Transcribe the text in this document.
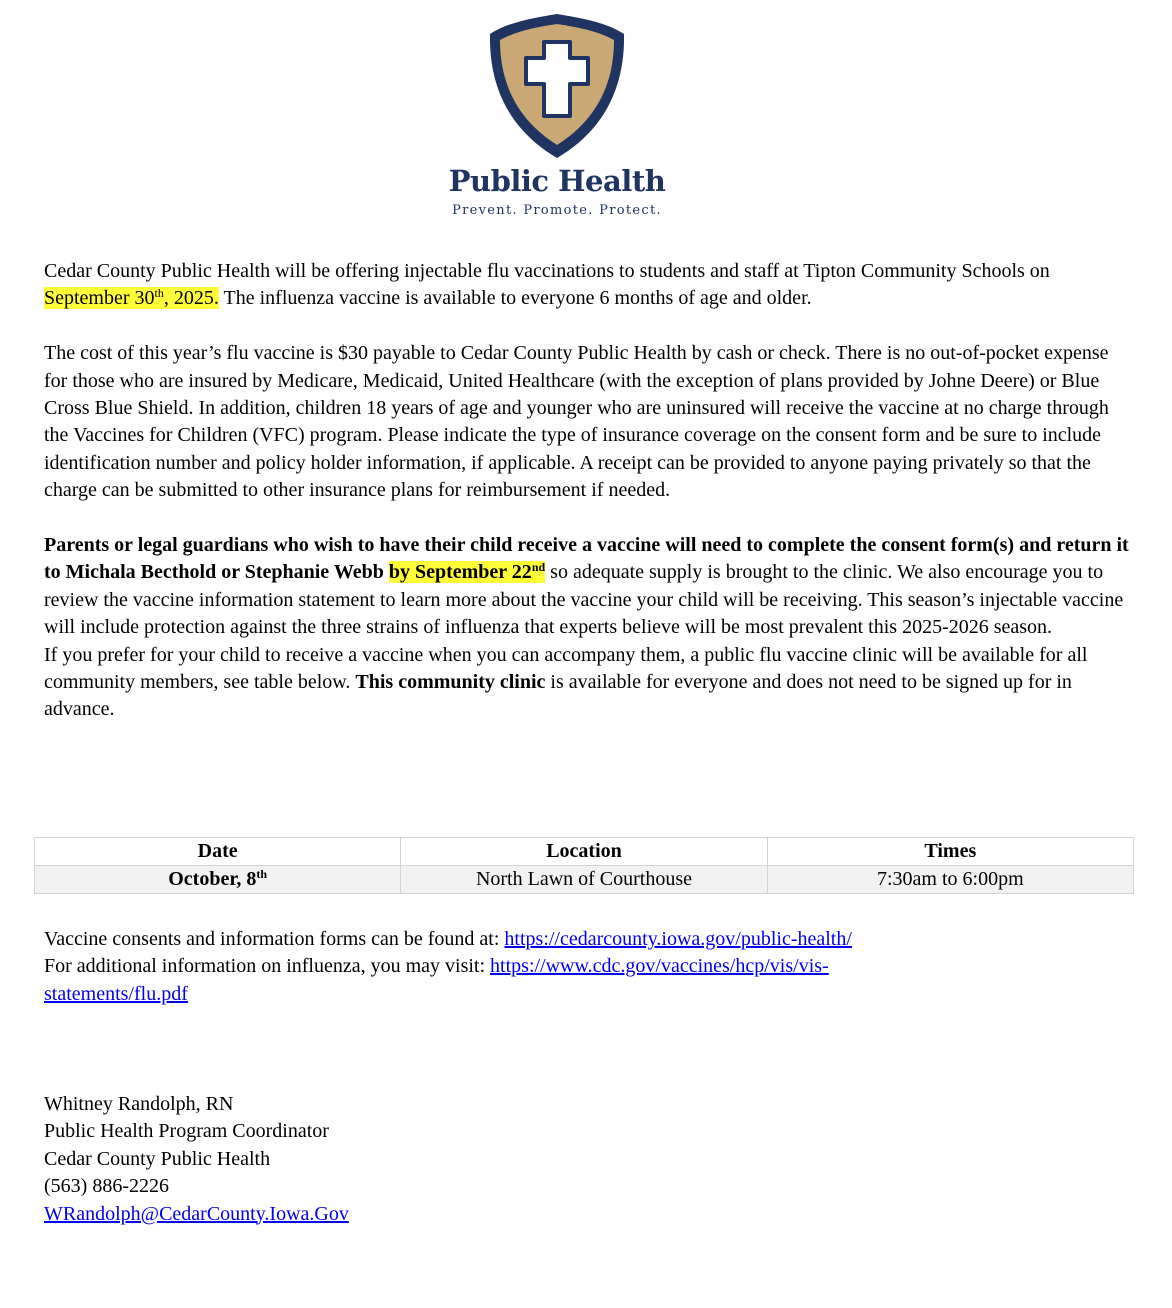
Public Health
Prevent. Promote. Protect.

Cedar County Public Health will be offering injectable flu vaccinations to students and staff at Tipton Community Schools on September 30th, 2025. The influenza vaccine is available to everyone 6 months of age and older.

The cost of this year’s flu vaccine is $30 payable to Cedar County Public Health by cash or check. There is no out-of-pocket expense for those who are insured by Medicare, Medicaid, United Healthcare (with the exception of plans provided by Johne Deere) or Blue Cross Blue Shield. In addition, children 18 years of age and younger who are uninsured will receive the vaccine at no charge through the Vaccines for Children (VFC) program. Please indicate the type of insurance coverage on the consent form and be sure to include identification number and policy holder information, if applicable. A receipt can be provided to anyone paying privately so that the charge can be submitted to other insurance plans for reimbursement if needed.

Parents or legal guardians who wish to have their child receive a vaccine will need to complete the consent form(s) and return it to Michala Becthold or Stephanie Webb by September 22nd so adequate supply is brought to the clinic. We also encourage you to review the vaccine information statement to learn more about the vaccine your child will be receiving. This season’s injectable vaccine will include protection against the three strains of influenza that experts believe will be most prevalent this 2025-2026 season.
If you prefer for your child to receive a vaccine when you can accompany them, a public flu vaccine clinic will be available for all community members, see table below. This community clinic is available for everyone and does not need to be signed up for in advance.

Date	Location	Times
October, 8th	North Lawn of Courthouse	7:30am to 6:00pm
Vaccine consents and information forms can be found at: https://cedarcounty.iowa.gov/public-health/
For additional information on influenza, you may visit: https://www.cdc.gov/vaccines/hcp/vis/vis-
statements/flu.pdf
Whitney Randolph, RN
Public Health Program Coordinator
Cedar County Public Health
(563) 886-2226
WRandolph@CedarCounty.Iowa.Gov
